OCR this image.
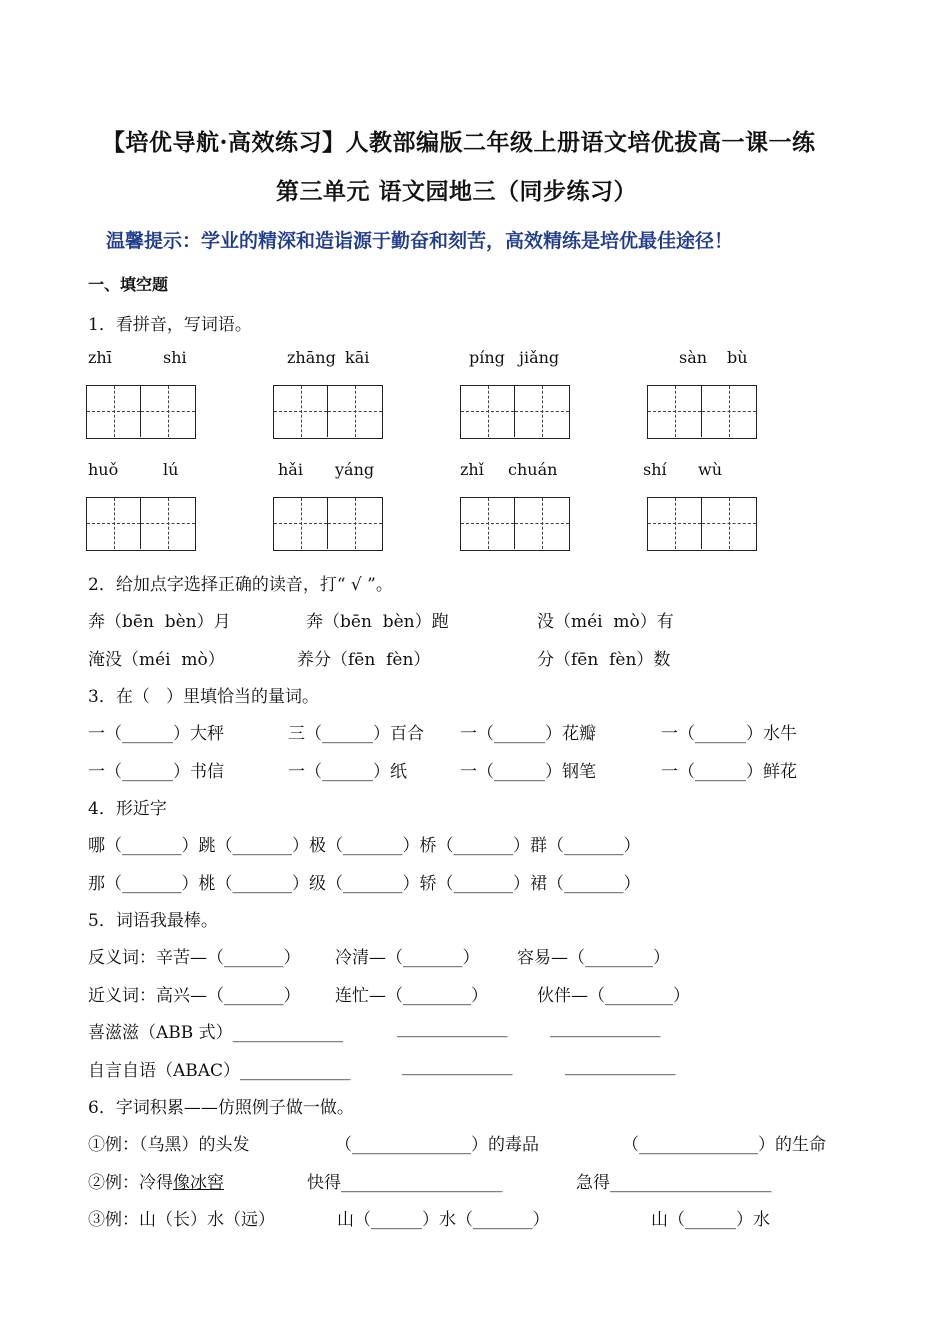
【培优导航·高效练习】人教部编版二年级上册语文培优拔高一课一练
第三单元 语文园地三（同步练习）
温馨提示：学业的精深和造诣源于勤奋和刻苦，高效精练是培优最佳途径！
一、填空题
1．看拼音，写词语。
zhī	shi	zhāng kāi	píng jiǎng	sàn bù
huǒ	lú	hǎi yáng	zhǐ chuán	shí wù
2．给加点字选择正确的读音，打“ √ ”。
奔（bēn  bèn）月	奔（bēn  bèn）跑	没（méi  mò）有
淹没（méi  mò）	养分（fēn  fèn）	分（fēn  fèn）数
3．在（   ）里填恰当的量词。
一（______）大秤	三（______）百合 一（______）花瓣	一（______）水牛
一（______）书信	一（______）纸	一（______）钢笔	一（______）鲜花
4．形近字
哪（_______）跳（_______）极（_______）桥（_______）群（_______）
那（_______）桃（_______）级（_______）轿（_______）裙（_______）
5．词语我最棒。
反义词：辛苦—（_______） 冷清—（_______） 容易—（________）
近义词：高兴—（_______） 连忙—（________）	伙伴—（________）
喜滋滋（ABB 式）_____________	_____________	_____________
自言自语（ABAC）_____________	_____________	_____________
6．字词积累——仿照例子做一做。
①例：（乌黑）的头发	（______________）的毒品	（______________）的生命
②例：冷得像冰窖	快得___________________	急得___________________
③例：山（长）水（远）	山（______）水（_______）	山（______）水
